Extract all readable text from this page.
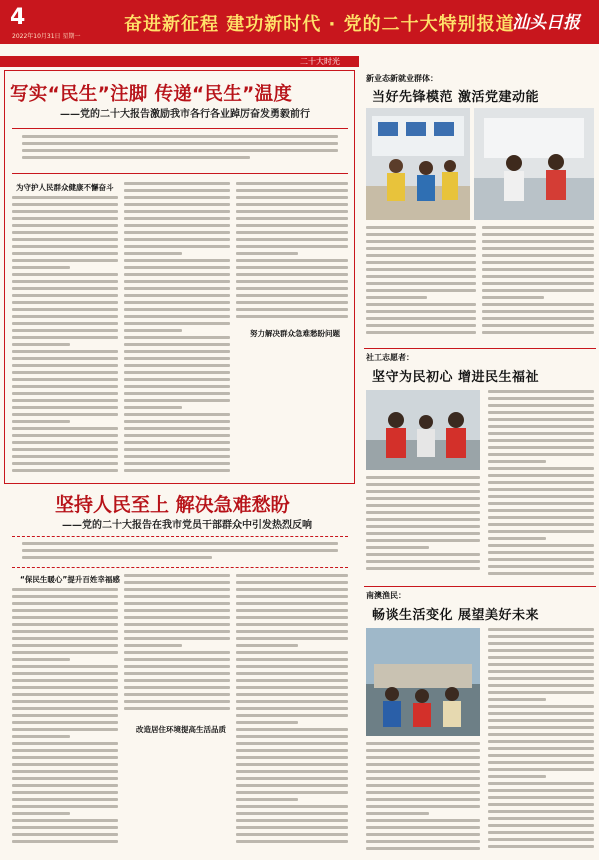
4
2022年10月31日 星期一
奋进新征程 建功新时代 · 党的二十大特别报道
汕头日报
二十大时光
写实“民生”注脚 传递“民生”温度
——党的二十大报告激励我市各行各业踔厉奋发勇毅前行
为守护人民群众健康不懈奋斗
努力解决群众急难愁盼问题
坚持人民至上 解决急难愁盼
——党的二十大报告在我市党员干部群众中引发热烈反响
“保民生暖心”提升百姓幸福感
改造居住环境提高生活品质
新业态新就业群体：
当好先锋模范 激活党建动能
社工志愿者：
坚守为民初心 增进民生福祉
南澳渔民：
畅谈生活变化 展望美好未来
